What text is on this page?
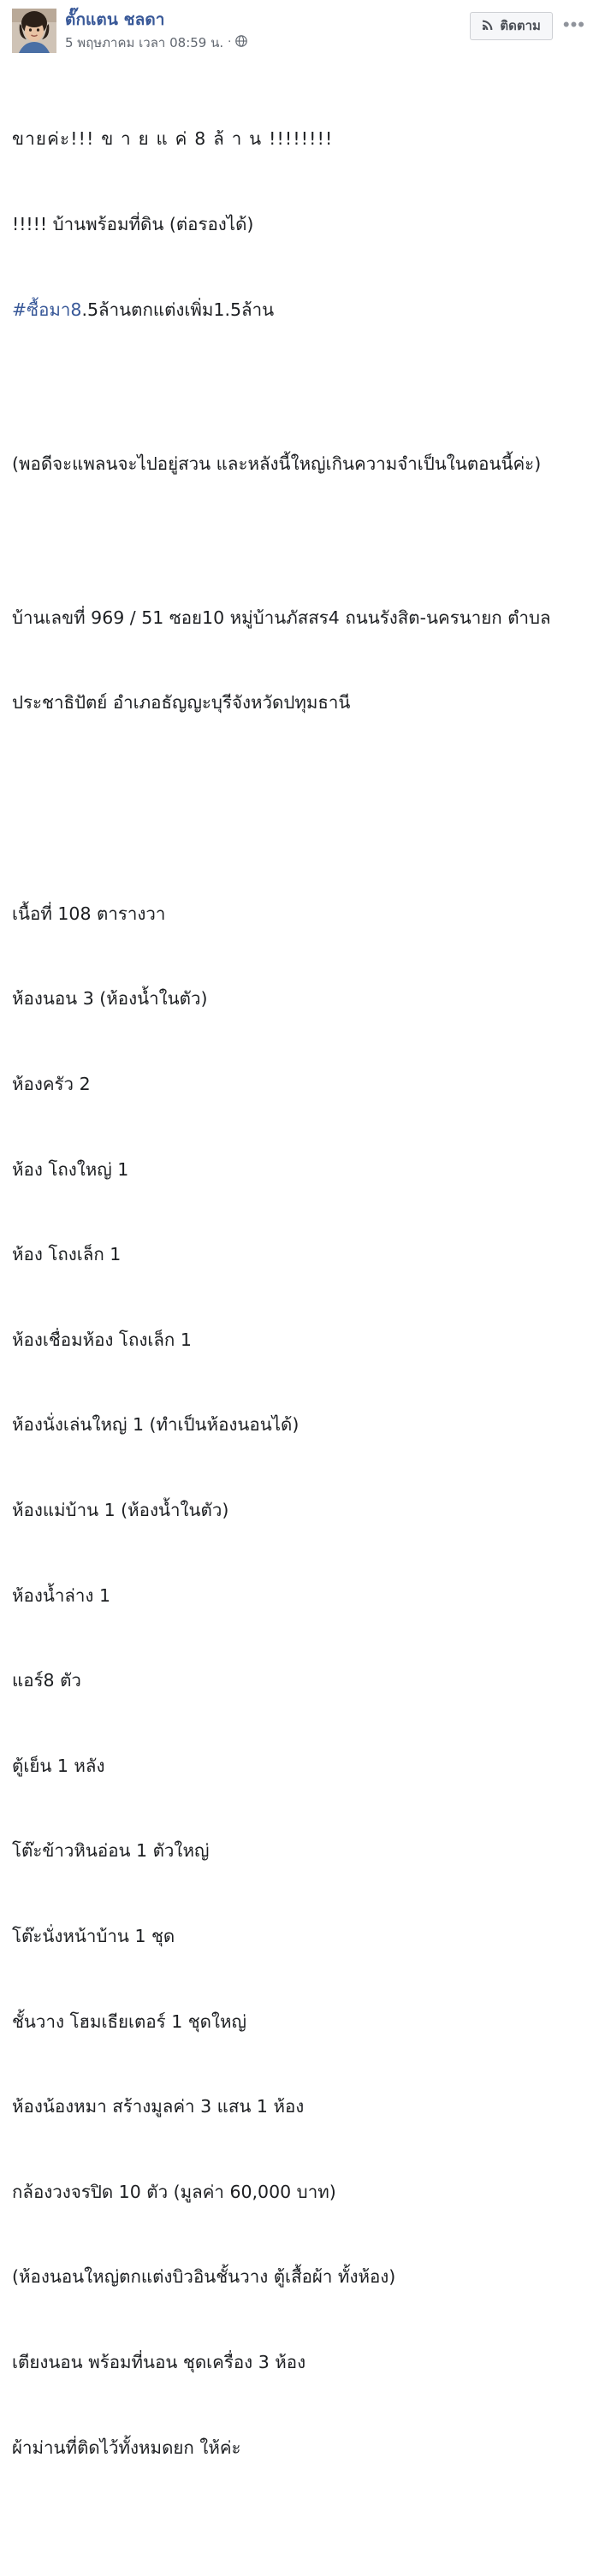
ตั๊กแตน ชลดา
5 พฤษภาคม เวลา 08:59 น. ·
ติดตาม •••

ขายค่ะ!!! ข า ย แ ค่ 8 ล้ า น !!!!!!!!

!!!!! บ้านพร้อมที่ดิน (ต่อรองได้)

#ซื้อมา8.5ล้านตกแต่งเพิ่ม1.5ล้าน

(พอดีจะแพลนจะไปอยู่สวน และหลังนี้ใหญ่เกินความจำเป็นในตอนนี้ค่ะ)

บ้านเลขที่ 969 / 51 ซอย10 หมู่บ้านภัสสร4 ถนนรังสิต-นครนายก ตำบล

ประชาธิปัตย์ อำเภอธัญญะบุรีจังหวัดปทุมธานี

เนื้อที่ 108 ตารางวา

ห้องนอน 3 (ห้องน้ำในตัว)

ห้องครัว 2

ห้อง โถงใหญ่ 1

ห้อง โถงเล็ก 1

ห้องเชื่อมห้อง โถงเล็ก 1

ห้องนั่งเล่นใหญ่ 1 (ทำเป็นห้องนอนได้)

ห้องแม่บ้าน 1 (ห้องน้ำในตัว)

ห้องน้ำล่าง 1

แอร์8 ตัว

ตู้เย็น 1 หลัง

โต๊ะข้าวหินอ่อน 1 ตัวใหญ่

โต๊ะนั่งหน้าบ้าน 1 ชุด

ชั้นวาง โฮมเธียเตอร์ 1 ชุดใหญ่

ห้องน้องหมา สร้างมูลค่า 3 แสน 1 ห้อง

กล้องวงจรปิด 10 ตัว (มูลค่า 60,000 บาท)

(ห้องนอนใหญ่ตกแต่งบิวอินชั้นวาง ตู้เสื้อผ้า ทั้งห้อง)

เตียงนอน พร้อมที่นอน ชุดเครื่อง 3 ห้อง

ผ้าม่านที่ติดไว้ทั้งหมดยก ให้ค่ะ
